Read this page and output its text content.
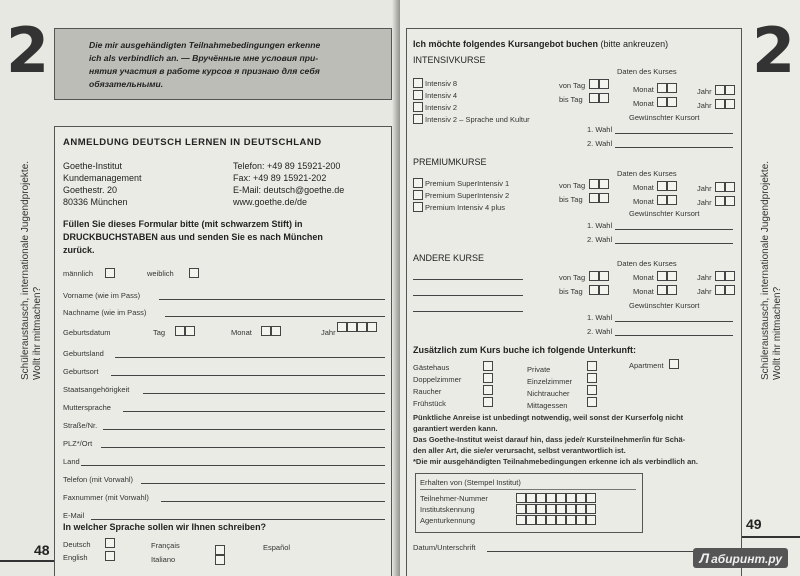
2
Schüleraustausch, internationale Jugendprojekte. Wollt ihr mitmachen?
48
Die mir ausgehändigten Teilnahmebedingungen erkenne
ich als verbindlich an. — Вручённые мне условия при-
нятия участия в работе курсов я признаю для себя
обязательными.
ANMELDUNG DEUTSCH LERNEN IN DEUTSCHLAND
Goethe-Institut
Kundemanagement
Goethestr. 20
80336 München
Telefon: +49 89 15921-200
Fax: +49 89 15921-202
E-Mail: deutsch@goethe.de
www.goethe.de/de
Füllen Sie dieses Formular bitte (mit schwarzem Stift) in
DRUCKBUCHSTABEN aus und senden Sie es nach München
zurück.
männlich	weiblich
Vorname (wie im Pass)
Nachname (wie im Pass)
Geburtsdatum	Tag	Monat	Jahr
Geburtsland
Geburtsort
Staatsangehörigkeit
Muttersprache
Straße/Nr.
PLZ*/Ort
Land
Telefon (mit Vorwahl)
Faxnummer (mit Vorwahl)
E-Mail
In welcher Sprache sollen wir Ihnen schreiben?
Deutsch
English
Français
Italiano
Español
2
Schüleraustausch, internationale Jugendprojekte. Wollt ihr mitmachen?
49
Ich möchte folgendes Kursangebot buchen (bitte ankreuzen)
INTENSIVKURSE
Daten des Kurses
Intensiv 8
Intensiv 4
Intensiv 2
Intensiv 2 – Sprache und Kultur
von Tag	Monat	Jahr
bis Tag	Monat	Jahr
Gewünschter Kursort
1. Wahl
2. Wahl
PREMIUMKURSE
Daten des Kurses
Premium SuperIntensiv 1
Premium SuperIntensiv 2
Premium Intensiv 4 plus
von Tag	Monat	Jahr
bis Tag	Monat	Jahr
Gewünschter Kursort
1. Wahl
2. Wahl
ANDERE KURSE
Daten des Kurses
von Tag	Monat	Jahr
bis Tag	Monat	Jahr
Gewünschter Kursort
1. Wahl
2. Wahl
Zusätzlich zum Kurs buche ich folgende Unterkunft:
Gästehaus
Doppelzimmer
Raucher
Frühstück
Private
Einzelzimmer
Nichtraucher
Mittagessen
Apartment
Pünktliche Anreise ist unbedingt notwendig, weil sonst der Kurserfolg nicht
garantiert werden kann.
Das Goethe-Institut weist darauf hin, dass jede/r Kursteilnehmer/in für Schä-
den aller Art, die sie/er verursacht, selbst verantwortlich ist.
*Die mir ausgehändigten Teilnahmebedingungen erkenne ich als verbindlich an.
Erhalten von (Stempel Institut)
Teilnehmer-Nummer
Institutskennung
Agenturkennung
Datum/Unterschrift
Л абиринт.ру
